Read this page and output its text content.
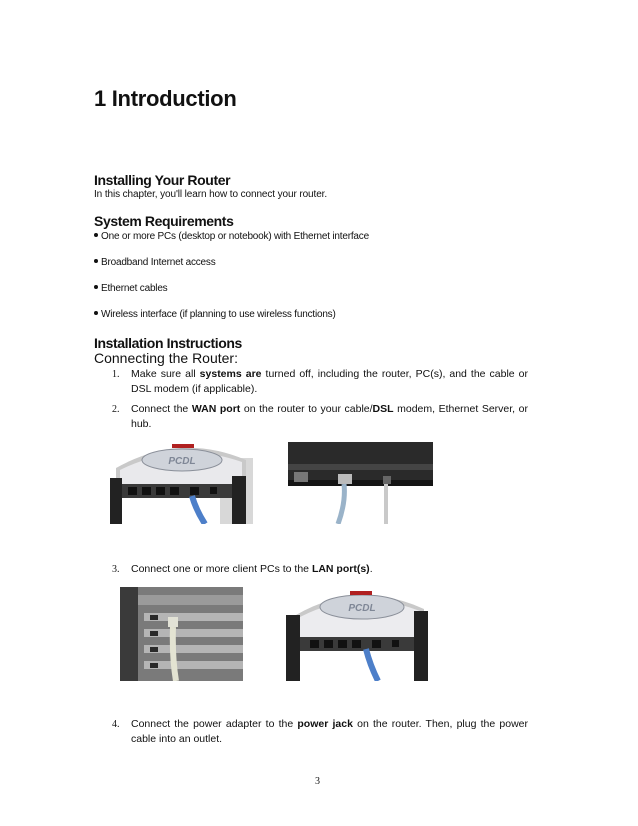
1 Introduction
Installing Your Router
In this chapter, you'll learn how to connect your router.
System Requirements
One or more PCs (desktop or notebook) with Ethernet interface
Broadband Internet access
Ethernet cables
Wireless interface (if planning to use wireless functions)
Installation Instructions
Connecting the Router:
1. Make sure all systems are turned off, including the router, PC(s), and the cable or DSL modem (if applicable).
2. Connect the WAN port on the router to your cable/DSL modem, Ethernet Server, or hub.
PCDL
3. Connect one or more client PCs to the LAN port(s).
PCDL
4. Connect the power adapter to the power jack on the router. Then, plug the power cable into an outlet.
3
